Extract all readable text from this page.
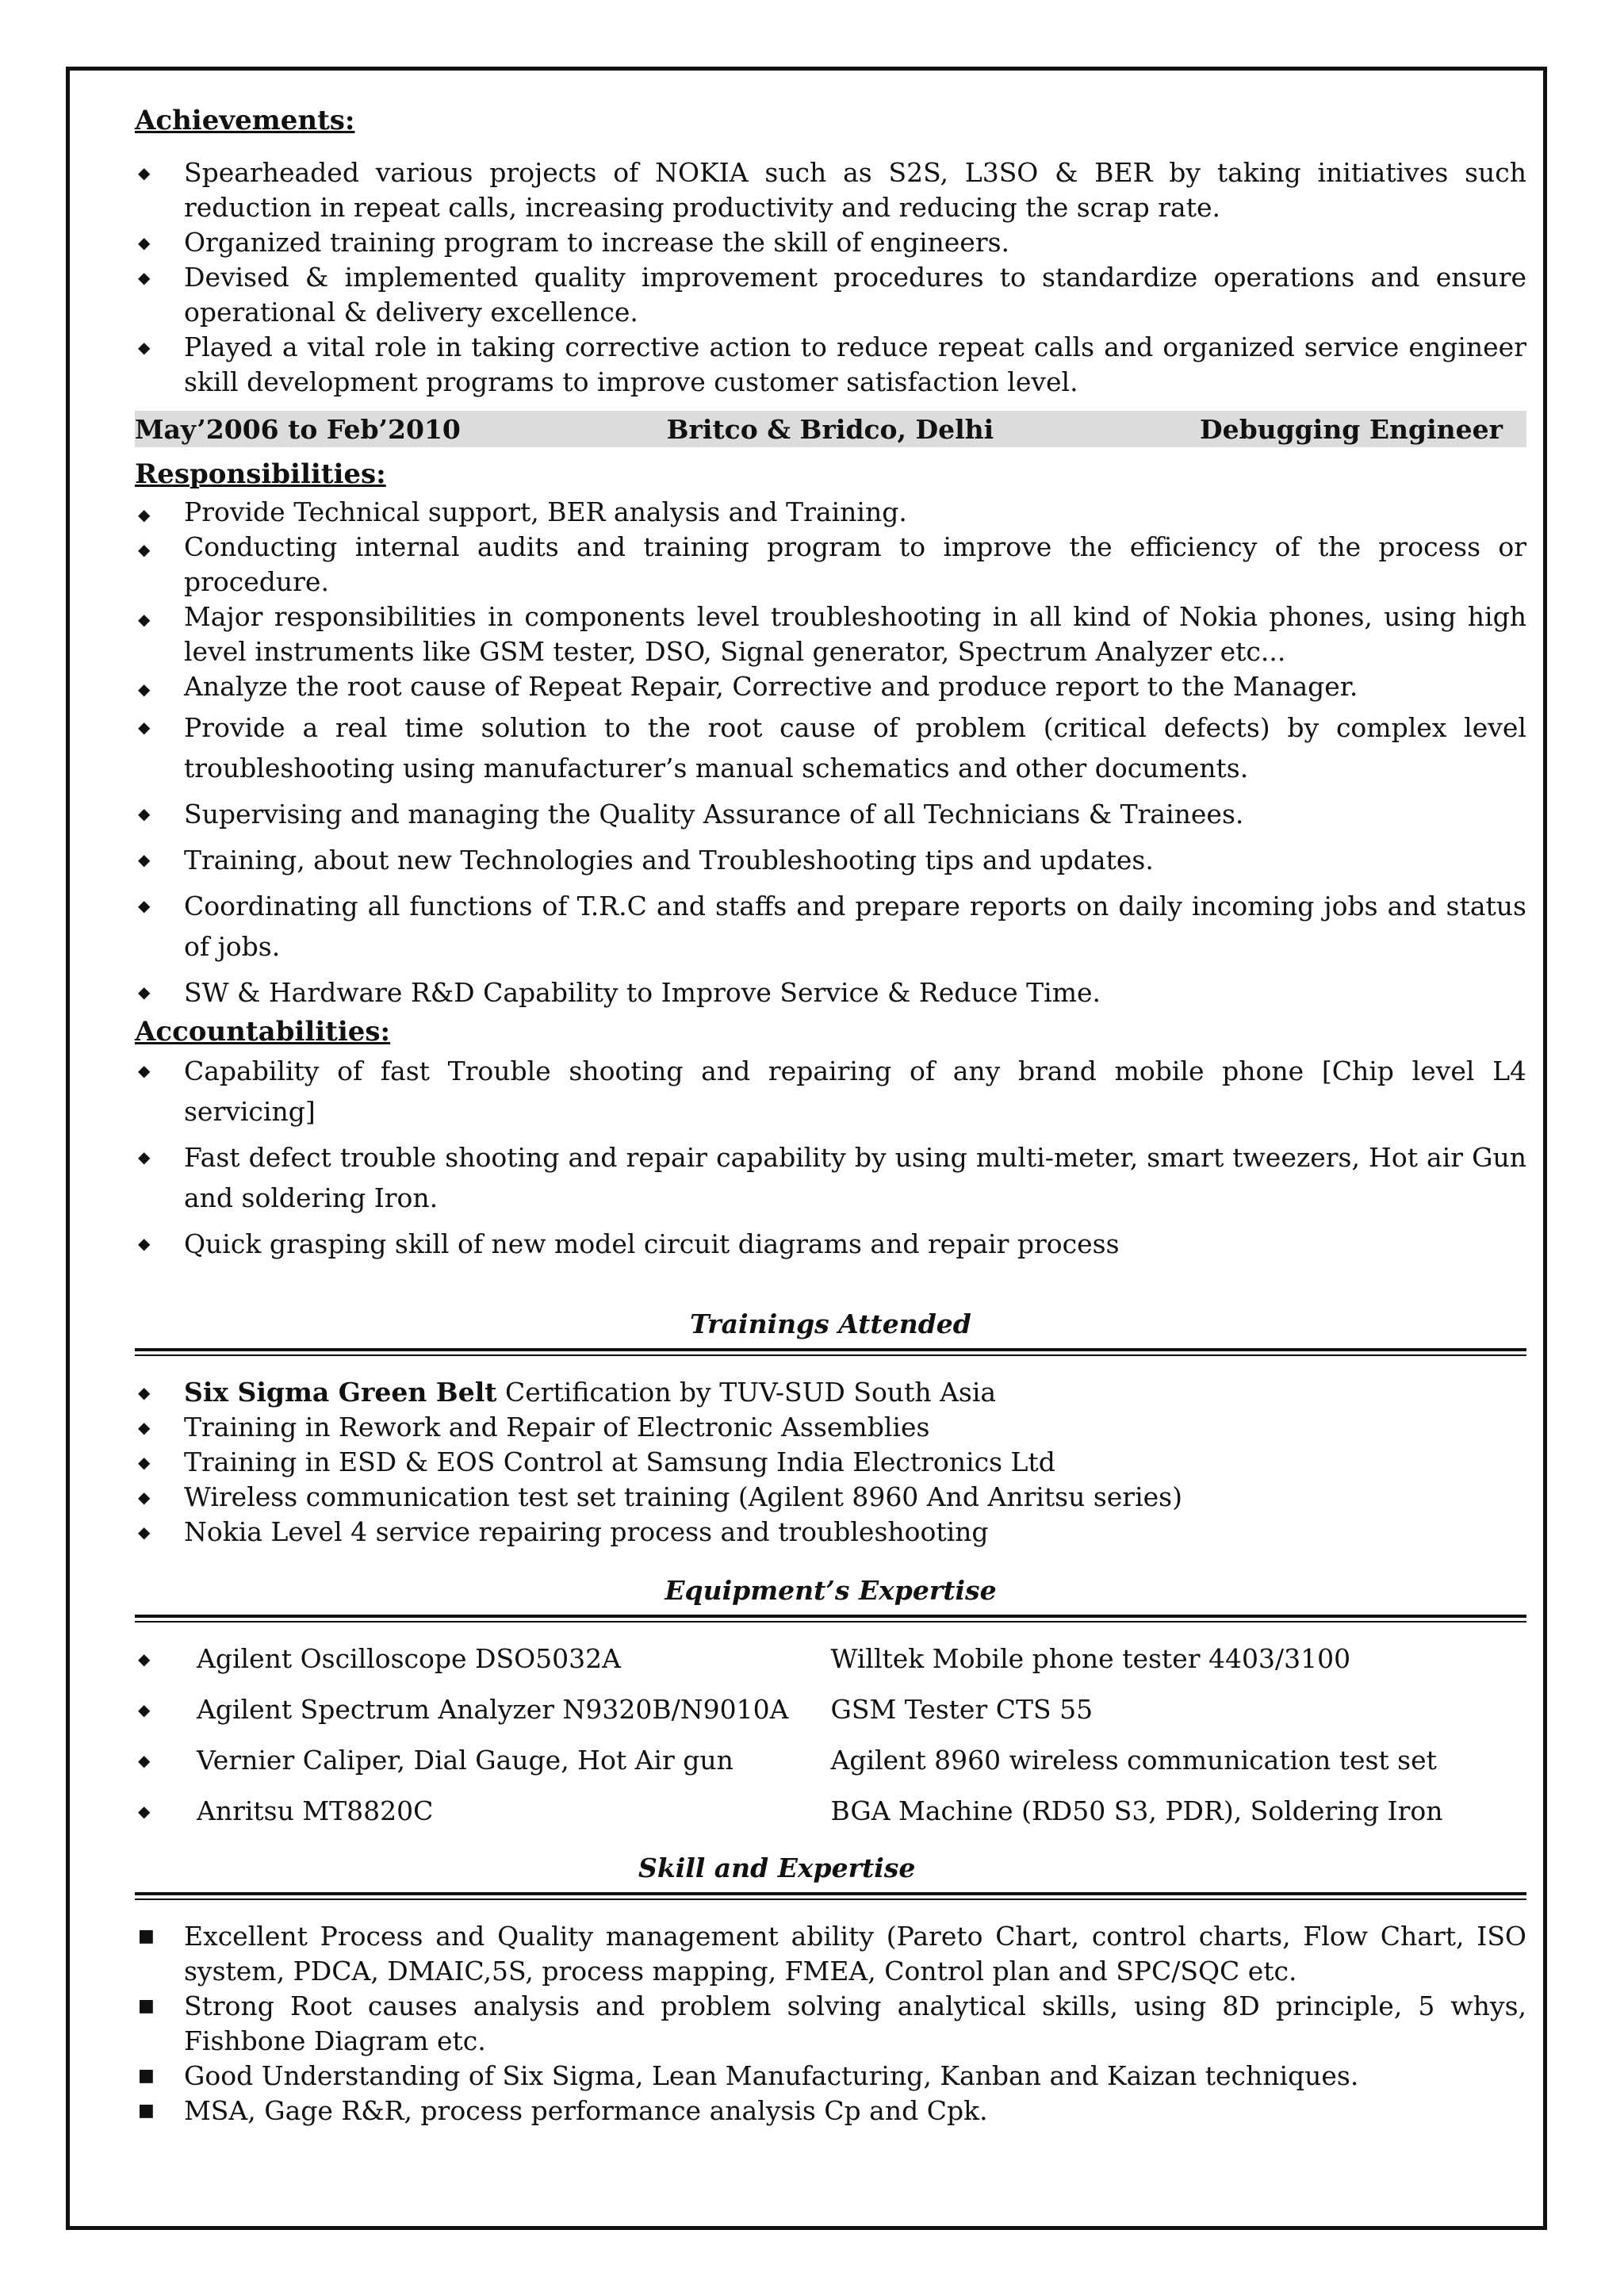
Achievements:

◆ Spearheaded various projects of NOKIA such as S2S, L3SO & BER by taking initiatives such reduction in repeat calls, increasing productivity and reducing the scrap rate.
◆ Organized training program to increase the skill of engineers.
◆ Devised & implemented quality improvement procedures to standardize operations and ensure operational & delivery excellence.
◆ Played a vital role in taking corrective action to reduce repeat calls and organized service engineer skill development programs to improve customer satisfaction level.
May’2006 to Feb’2010	Britco & Bridco, Delhi	Debugging Engineer

Responsibilities:

◆ Provide Technical support, BER analysis and Training.
◆ Conducting internal audits and training program to improve the efficiency of the process or procedure.
◆ Major responsibilities in components level troubleshooting in all kind of Nokia phones, using high level instruments like GSM tester, DSO, Signal generator, Spectrum Analyzer etc...
◆ Analyze the root cause of Repeat Repair, Corrective and produce report to the Manager.
◆ Provide a real time solution to the root cause of problem (critical defects) by complex level troubleshooting using manufacturer’s manual schematics and other documents.
◆ Supervising and managing the Quality Assurance of all Technicians & Trainees.
◆ Training, about new Technologies and Troubleshooting tips and updates.
◆ Coordinating all functions of T.R.C and staffs and prepare reports on daily incoming jobs and status of jobs.
◆ SW & Hardware R&D Capability to Improve Service & Reduce Time.

Accountabilities:

◆ Capability of fast Trouble shooting and repairing of any brand mobile phone [Chip level L4 servicing]
◆ Fast defect trouble shooting and repair capability by using multi-meter, smart tweezers, Hot air Gun and soldering Iron.
◆ Quick grasping skill of new model circuit diagrams and repair process

Trainings Attended

◆ Six Sigma Green Belt Certification by TUV-SUD South Asia
◆ Training in Rework and Repair of Electronic Assemblies
◆ Training in ESD & EOS Control at Samsung India Electronics Ltd
◆ Wireless communication test set training (Agilent 8960 And Anritsu series)
◆ Nokia Level 4 service repairing process and troubleshooting

Equipment’s Expertise

◆ Agilent Oscilloscope DSO5032A	Willtek Mobile phone tester 4403/3100
◆ Agilent Spectrum Analyzer N9320B/N9010A	GSM Tester CTS 55
◆ Vernier Caliper, Dial Gauge, Hot Air gun	Agilent 8960 wireless communication test set
◆ Anritsu MT8820C	BGA Machine (RD50 S3, PDR), Soldering Iron

Skill and Expertise

■ Excellent Process and Quality management ability (Pareto Chart, control charts, Flow Chart, ISO system, PDCA, DMAIC,5S, process mapping, FMEA, Control plan and SPC/SQC etc.
■ Strong Root causes analysis and problem solving analytical skills, using 8D principle, 5 whys, Fishbone Diagram etc.
■ Good Understanding of Six Sigma, Lean Manufacturing, Kanban and Kaizan techniques.
■ MSA, Gage R&R, process performance analysis Cp and Cpk.
